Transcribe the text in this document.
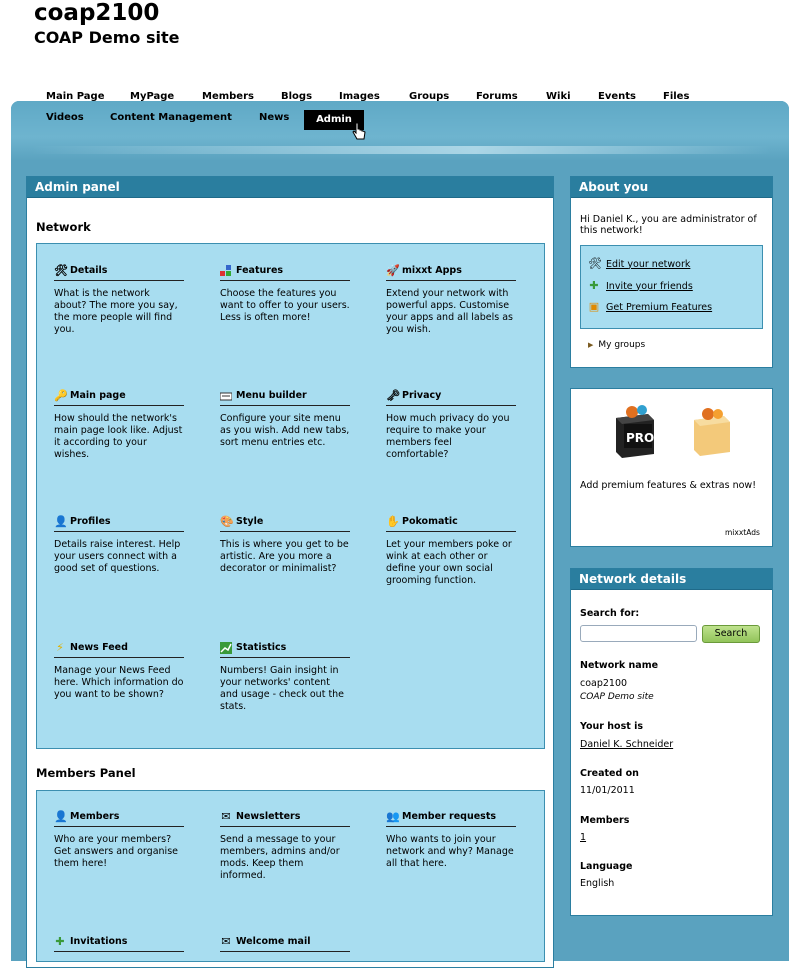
coap2100
COAP Demo site
Main Page	MyPage	Members	Blogs	Images	Groups	Forums	Wiki	Events	Files
Videos	Content Management	News	Admin
Admin panel
Network
🛠 Details
What is the network about? The more you say, the more people will find you.
Features
Choose the features you want to offer to your users. Less is often more!
🚀 mixxt Apps
Extend your network with powerful apps. Customise your apps and all labels as you wish.
🔑 Main page
How should the network's main page look like. Adjust it according to your wishes.
Menu builder
Configure your site menu as you wish. Add new tabs, sort menu entries etc.
🗝 Privacy
How much privacy do you require to make your members feel comfortable?
👤 Profiles
Details raise interest. Help your users connect with a good set of questions.
🎨 Style
This is where you get to be artistic. Are you more a decorator or minimalist?
✋ Pokomatic
Let your members poke or wink at each other or define your own social grooming function.
⚡ News Feed
Manage your News Feed here. Which information do you want to be shown?
Statistics
Numbers! Gain insight in your networks' content and usage - check out the stats.
Members Panel
👤 Members
Who are your members? Get answers and organise them here!
✉ Newsletters
Send a message to your members, admins and/or mods. Keep them informed.
👥 Member requests
Who wants to join your network and why? Manage all that here.
✚ Invitations	✉ Welcome mail
About you
Hi Daniel K., you are administrator of this network!
🛠 Edit your network
✚ Invite your friends
▣ Get Premium Features
▶ My groups
PRO
Add premium features & extras now!
mixxtAds
Network details
Search for:
Search
Network name
coap2100
COAP Demo site
Your host is
Daniel K. Schneider
Created on
11/01/2011
Members
1
Language
English
